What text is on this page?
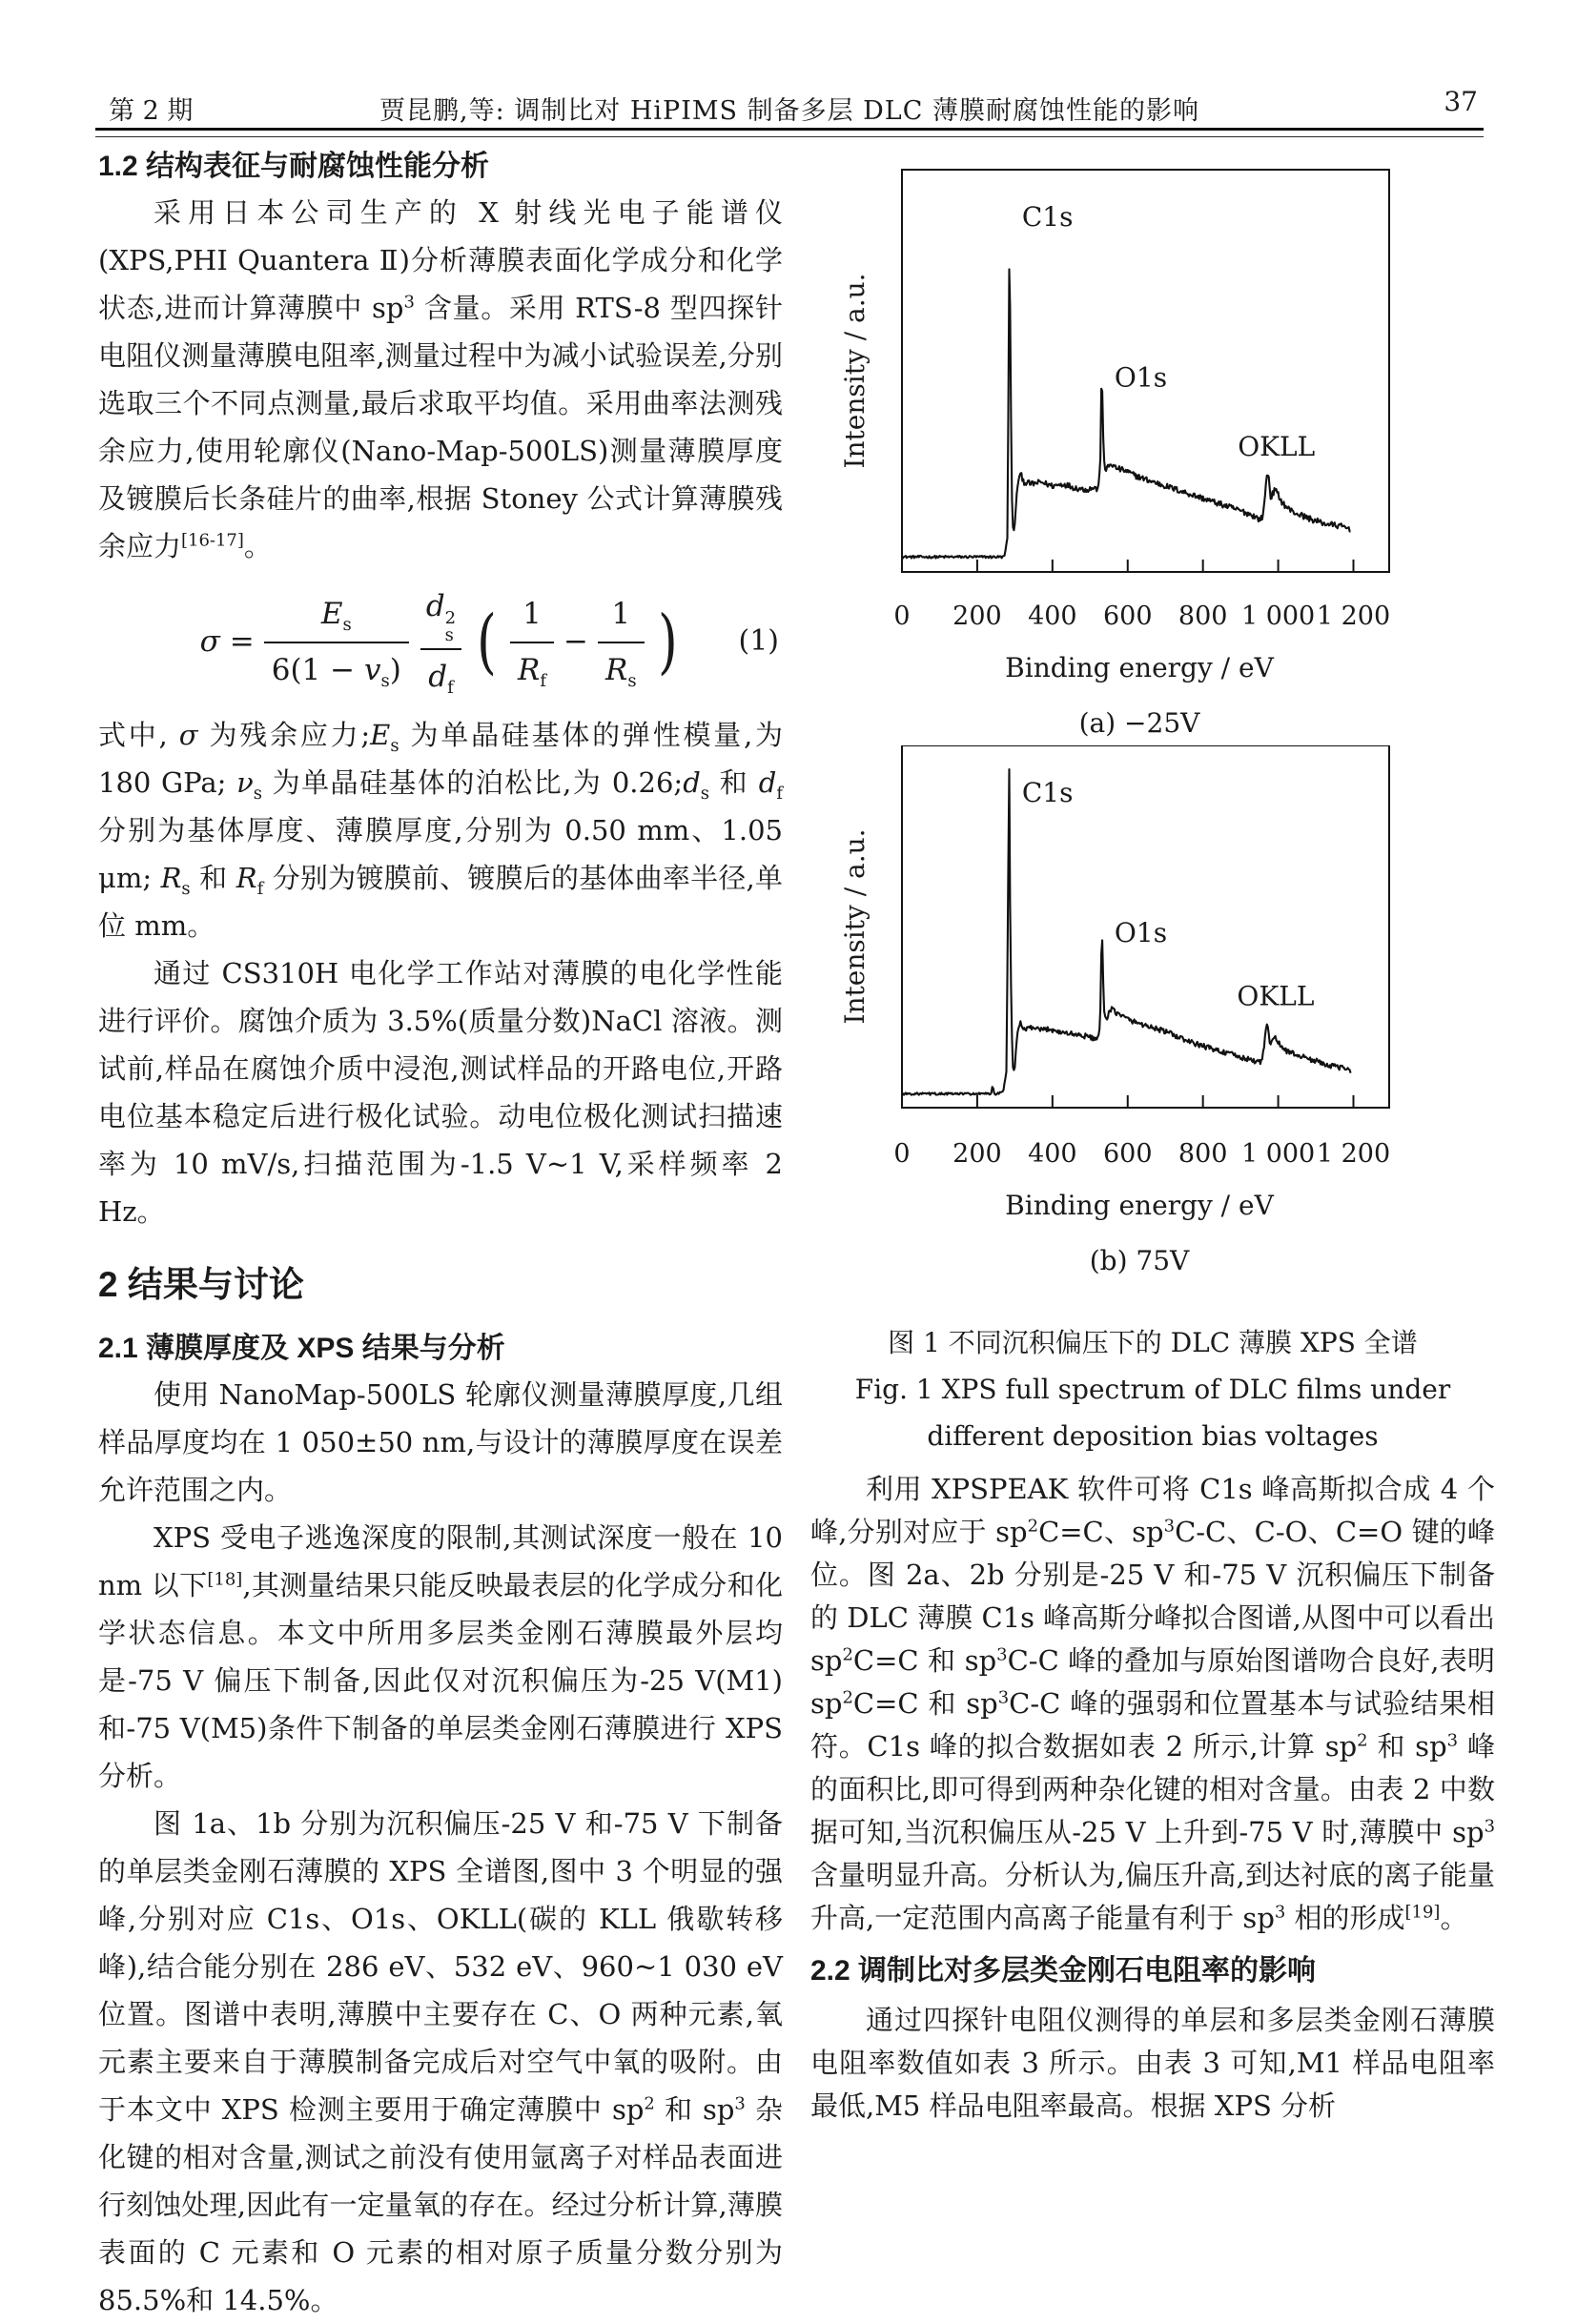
第 2 期	贾昆鹏,等: 调制比对 HiPIMS 制备多层 DLC 薄膜耐腐蚀性能的影响	37
1.2 结构表征与耐腐蚀性能分析

采用日本公司生产的 X 射线光电子能谱仪(XPS,PHI Quantera Ⅱ)分析薄膜表面化学成分和化学状态,进而计算薄膜中 $sp^3$ 含量。采用 RTS-8 型四探针电阻仪测量薄膜电阻率,测量过程中为减小试验误差,分别选取三个不同点测量,最后求取平均值。采用曲率法测残余应力,使用轮廓仪(Nano-Map-500LS)测量薄膜厚度及镀膜后长条硅片的曲率,根据 Stoney 公式计算薄膜残余应力[16-17]。

$\sigma = \frac{E_s}{6(1 - v_s)}$ d 2
s
$d_f$ ( $\frac{1}{R_f} - \frac{1}{R_s}$ ) (1)

式中, σ 为残余应力$;E_s$ 为单晶硅基体的弹性模量,为 180 GPa; $\nu_s$ 为单晶硅基体的泊松比,为 $0.26;d_s$ 和 $d_f$ 分别为基体厚度、薄膜厚度,分别为 0.50 mm、1.05 μm; $R_s$ 和 $R_f$ 分别为镀膜前、镀膜后的基体曲率半径,单位 mm。

通过 CS310H 电化学工作站对薄膜的电化学性能进行评价。腐蚀介质为 3.5%(质量分数)NaCl 溶液。测试前,样品在腐蚀介质中浸泡,测试样品的开路电位,开路电位基本稳定后进行极化试验。动电位极化测试扫描速率为 10 mV/s,扫描范围为-1.5 V~1 V,采样频率 2 Hz。

2 结果与讨论
2.1 薄膜厚度及 XPS 结果与分析

使用 NanoMap-500LS 轮廓仪测量薄膜厚度,几组样品厚度均在 1 050±50 nm,与设计的薄膜厚度在误差允许范围之内。

XPS 受电子逃逸深度的限制,其测试深度一般在 10 nm 以下[18],其测量结果只能反映最表层的化学成分和化学状态信息。本文中所用多层类金刚石薄膜最外层均是-75 V 偏压下制备,因此仅对沉积偏压为-25 V(M1)和-75 V(M5)条件下制备的单层类金刚石薄膜进行 XPS 分析。

图 1a、1b 分别为沉积偏压-25 V 和-75 V 下制备的单层类金刚石薄膜的 XPS 全谱图,图中 3 个明显的强峰,分别对应 C1s、O1s、OKLL(碳的 KLL 俄歇转移峰),结合能分别在 286 eV、532 eV、960~1 030 eV 位置。图谱中表明,薄膜中主要存在 C、O 两种元素,氧元素主要来自于薄膜制备完成后对空气中氧的吸附。由于本文中 XPS 检测主要用于确定薄膜中 $sp^2$ 和 $sp^3$ 杂化键的相对含量,测试之前没有使用氩离子对样品表面进行刻蚀处理,因此有一定量氧的存在。经过分析计算,薄膜表面的 C 元素和 O 元素的相对原子质量分数分别为 85.5%和 14.5%。

0 200 400 600 800 1 000 1 200
Binding energy / eV
Intensity / a.u.
(a) −25V
C1s
O1s
OKLL
0 200 400 600 800 1 000 1 200
Binding energy / eV
Intensity / a.u.
(b) 75V
C1s
O1s
OKLL
图 1 不同沉积偏压下的 DLC 薄膜 XPS 全谱
Fig. 1 XPS full spectrum of DLC films under
different deposition bias voltages

利用 XPSPEAK 软件可将 C1s 峰高斯拟合成 4 个峰,分别对应于 $sp^2C=C$、$sp^3C-C$、C-O、C=O 键的峰位。图 2a、2b 分别是-25 V 和-75 V 沉积偏压下制备的 DLC 薄膜 C1s 峰高斯分峰拟合图谱,从图中可以看出 $sp^2C=C$ 和 $sp^3C-C$ 峰的叠加与原始图谱吻合良好,表明 $sp^2C=C$ 和 $sp^3C-C$ 峰的强弱和位置基本与试验结果相符。C1s 峰的拟合数据如表 2 所示,计算 $sp^2$ 和 $sp^3$ 峰的面积比,即可得到两种杂化键的相对含量。由表 2 中数据可知,当沉积偏压从-25 V 上升到-75 V 时,薄膜中 $sp^3$ 含量明显升高。分析认为,偏压升高,到达衬底的离子能量升高,一定范围内高离子能量有利于 $sp^3$ 相的形成[19]。

2.2 调制比对多层类金刚石电阻率的影响

通过四探针电阻仪测得的单层和多层类金刚石薄膜电阻率数值如表 3 所示。由表 3 可知,M1 样品电阻率最低,M5 样品电阻率最高。根据 XPS 分析
